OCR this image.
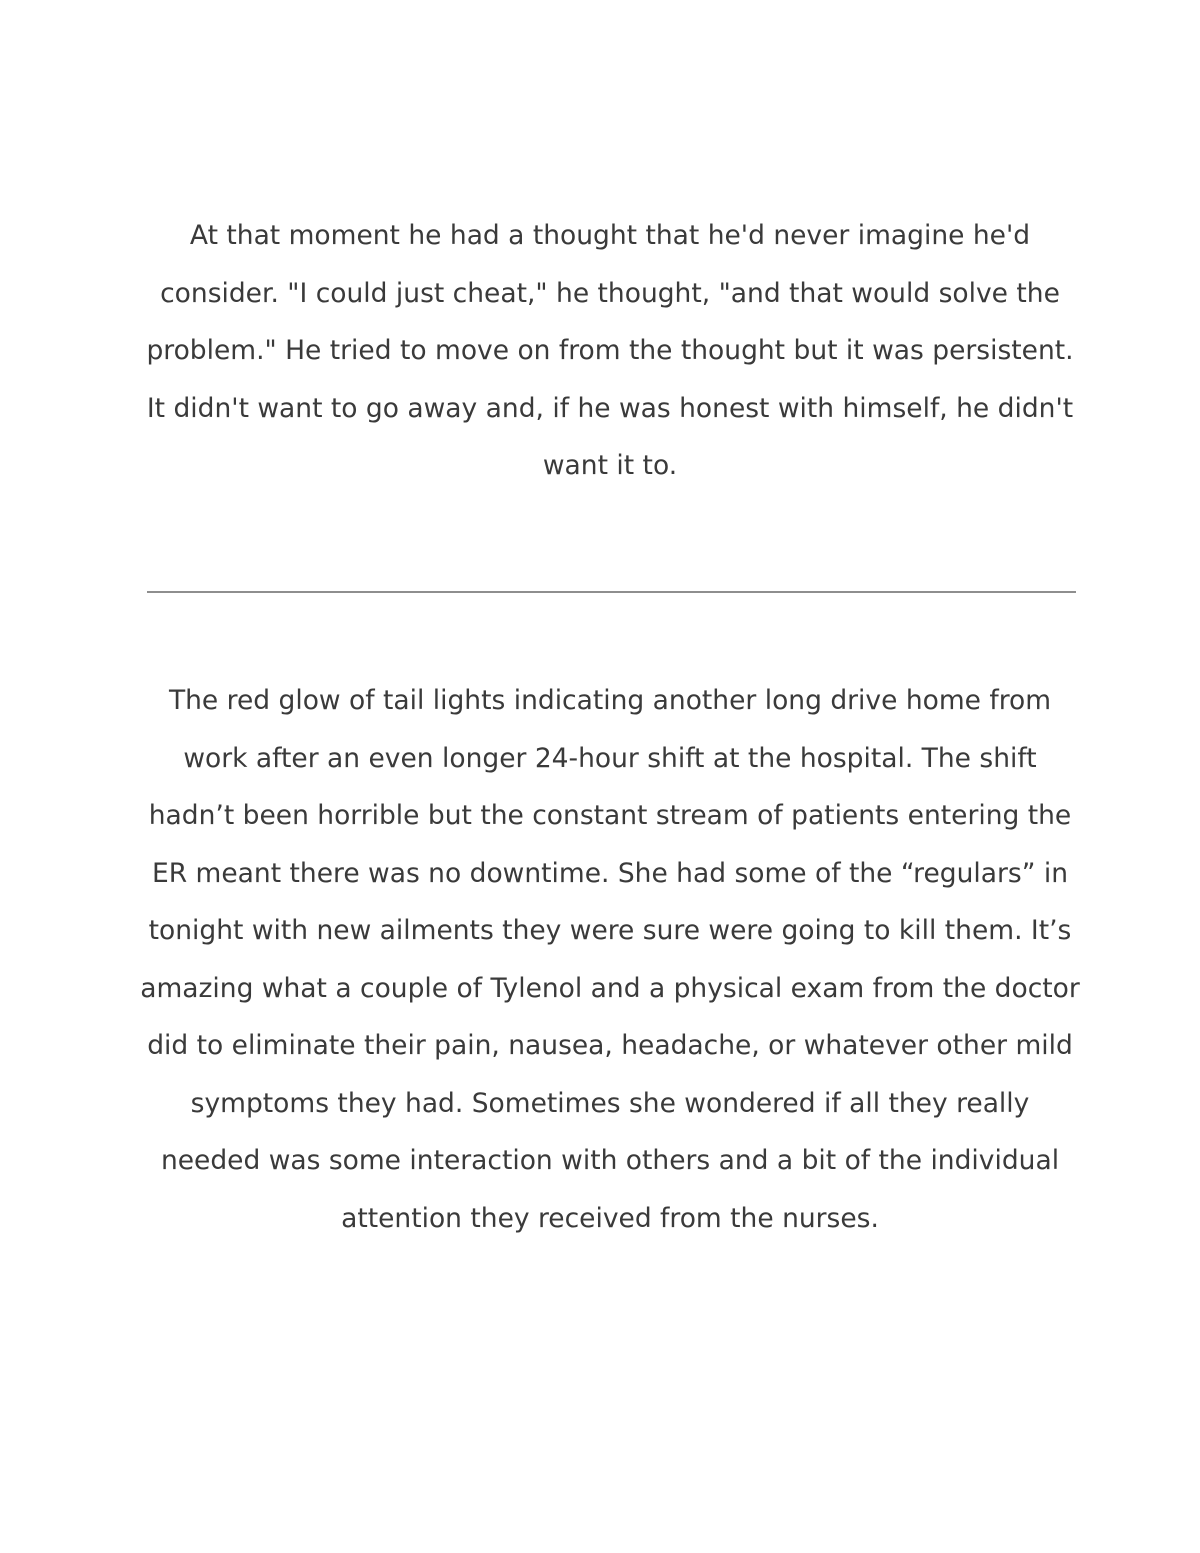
At that moment he had a thought that he'd never imagine he'd consider. "I could just cheat," he thought, "and that would solve the problem." He tried to move on from the thought but it was persistent. It didn't want to go away and, if he was honest with himself, he didn't want it to.

The red glow of tail lights indicating another long drive home from work after an even longer 24-hour shift at the hospital. The shift hadn’t been horrible but the constant stream of patients entering the ER meant there was no downtime. She had some of the “regulars” in tonight with new ailments they were sure were going to kill them. It’s amazing what a couple of Tylenol and a physical exam from the doctor did to eliminate their pain, nausea, headache, or whatever other mild symptoms they had. Sometimes she wondered if all they really needed was some interaction with others and a bit of the individual attention they received from the nurses.
